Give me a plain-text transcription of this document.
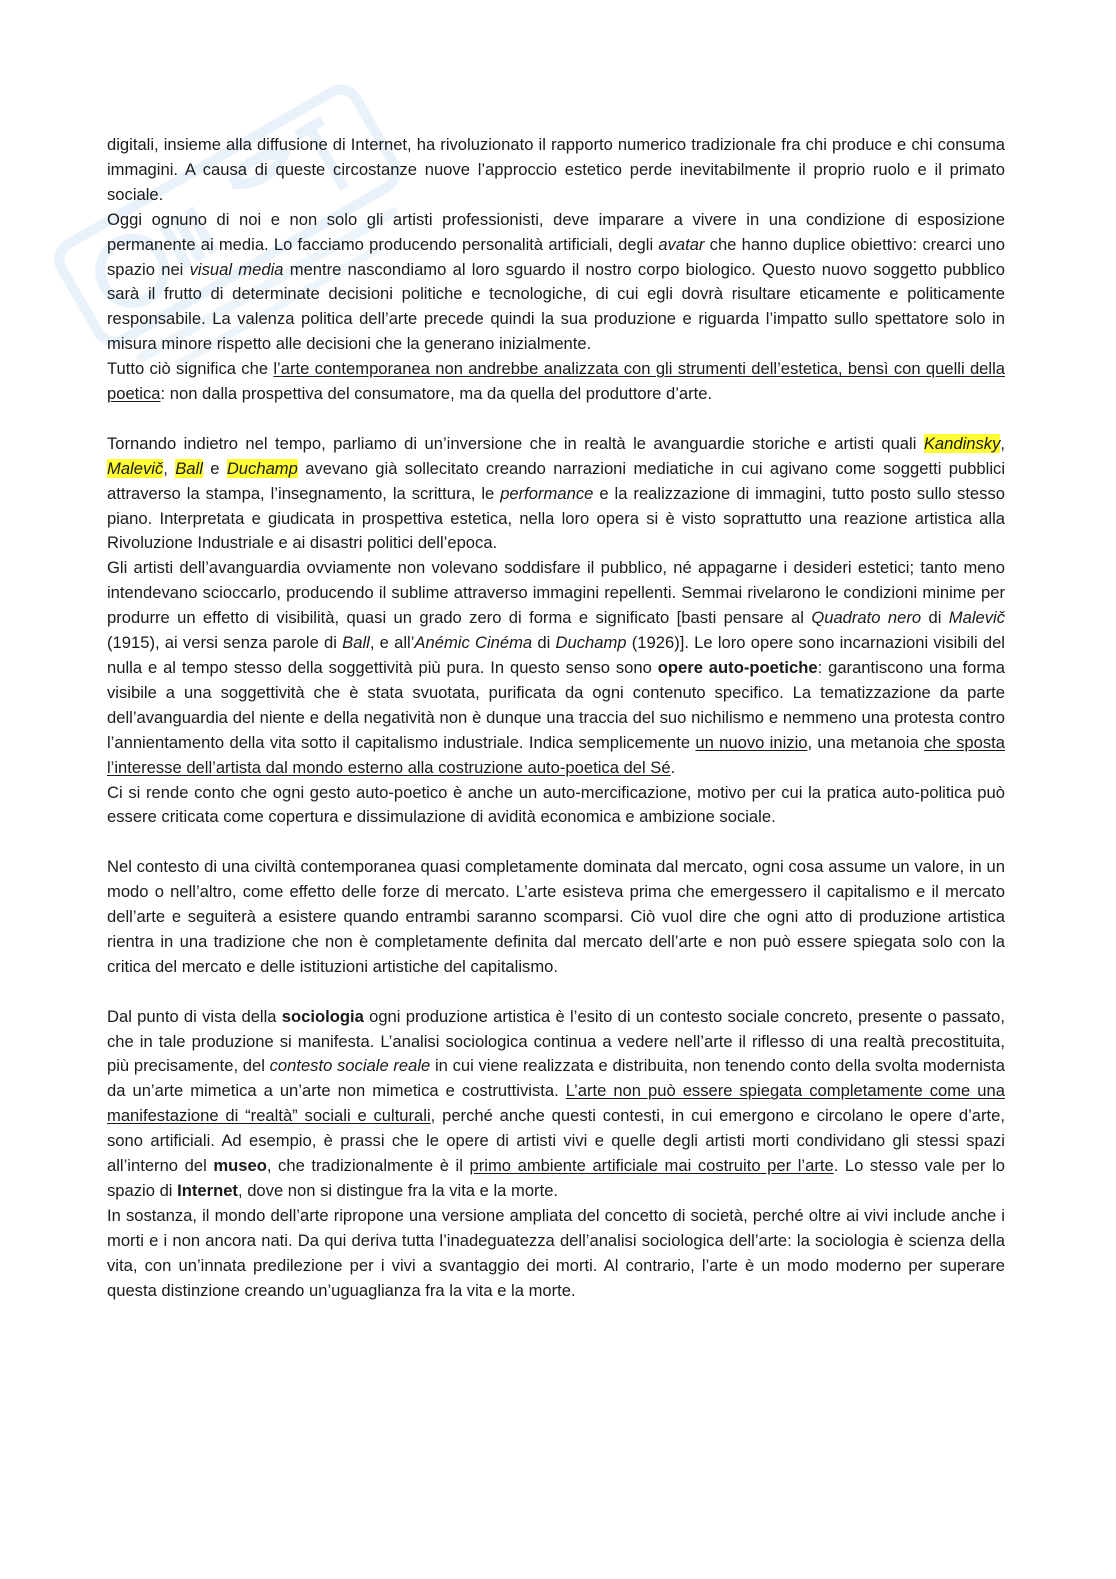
digitali, insieme alla diffusione di Internet, ha rivoluzionato il rapporto numerico tradizionale fra chi produce e chi consuma immagini. A causa di queste circostanze nuove l’approccio estetico perde inevitabilmente il proprio ruolo e il primato sociale.

Oggi ognuno di noi e non solo gli artisti professionisti, deve imparare a vivere in una condizione di esposizione permanente ai media. Lo facciamo producendo personalità artificiali, degli avatar che hanno duplice obiettivo: crearci uno spazio nei visual media mentre nascondiamo al loro sguardo il nostro corpo biologico. Questo nuovo soggetto pubblico sarà il frutto di determinate decisioni politiche e tecnologiche, di cui egli dovrà risultare eticamente e politicamente responsabile. La valenza politica dell’arte precede quindi la sua produzione e riguarda l’impatto sullo spettatore solo in misura minore rispetto alle decisioni che la generano inizialmente.

Tutto ciò significa che l’arte contemporanea non andrebbe analizzata con gli strumenti dell’estetica, bensì con quelli della poetica: non dalla prospettiva del consumatore, ma da quella del produttore d’arte.

Tornando indietro nel tempo, parliamo di un’inversione che in realtà le avanguardie storiche e artisti quali Kandinsky, Malevič, Ball e Duchamp avevano già sollecitato creando narrazioni mediatiche in cui agivano come soggetti pubblici attraverso la stampa, l’insegnamento, la scrittura, le performance e la realizzazione di immagini, tutto posto sullo stesso piano. Interpretata e giudicata in prospettiva estetica, nella loro opera si è visto soprattutto una reazione artistica alla Rivoluzione Industriale e ai disastri politici dell’epoca.

Gli artisti dell’avanguardia ovviamente non volevano soddisfare il pubblico, né appagarne i desideri estetici; tanto meno intendevano scioccarlo, producendo il sublime attraverso immagini repellenti. Semmai rivelarono le condizioni minime per produrre un effetto di visibilità, quasi un grado zero di forma e significato [basti pensare al Quadrato nero di Malevič (1915), ai versi senza parole di Ball, e all’Anémic Cinéma di Duchamp (1926)]. Le loro opere sono incarnazioni visibili del nulla e al tempo stesso della soggettività più pura. In questo senso sono opere auto-poetiche: garantiscono una forma visibile a una soggettività che è stata svuotata, purificata da ogni contenuto specifico. La tematizzazione da parte dell’avanguardia del niente e della negatività non è dunque una traccia del suo nichilismo e nemmeno una protesta contro l’annientamento della vita sotto il capitalismo industriale. Indica semplicemente un nuovo inizio, una metanoia che sposta l’interesse dell’artista dal mondo esterno alla costruzione auto-poetica del Sé.

Ci si rende conto che ogni gesto auto-poetico è anche un auto-mercificazione, motivo per cui la pratica auto-politica può essere criticata come copertura e dissimulazione di avidità economica e ambizione sociale.

Nel contesto di una civiltà contemporanea quasi completamente dominata dal mercato, ogni cosa assume un valore, in un modo o nell’altro, come effetto delle forze di mercato. L’arte esisteva prima che emergessero il capitalismo e il mercato dell’arte e seguiterà a esistere quando entrambi saranno scomparsi. Ciò vuol dire che ogni atto di produzione artistica rientra in una tradizione che non è completamente definita dal mercato dell’arte e non può essere spiegata solo con la critica del mercato e delle istituzioni artistiche del capitalismo.

Dal punto di vista della sociologia ogni produzione artistica è l’esito di un contesto sociale concreto, presente o passato, che in tale produzione si manifesta. L’analisi sociologica continua a vedere nell’arte il riflesso di una realtà precostituita, più precisamente, del contesto sociale reale in cui viene realizzata e distribuita, non tenendo conto della svolta modernista da un’arte mimetica a un’arte non mimetica e costruttivista. L’arte non può essere spiegata completamente come una manifestazione di “realtà” sociali e culturali, perché anche questi contesti, in cui emergono e circolano le opere d’arte, sono artificiali. Ad esempio, è prassi che le opere di artisti vivi e quelle degli artisti morti condividano gli stessi spazi all’interno del museo, che tradizionalmente è il primo ambiente artificiale mai costruito per l’arte. Lo stesso vale per lo spazio di Internet, dove non si distingue fra la vita e la morte.

In sostanza, il mondo dell’arte ripropone una versione ampliata del concetto di società, perché oltre ai vivi include anche i morti e i non ancora nati. Da qui deriva tutta l’inadeguatezza dell’analisi sociologica dell’arte: la sociologia è scienza della vita, con un’innata predilezione per i vivi a svantaggio dei morti. Al contrario, l’arte è un modo moderno per superare questa distinzione creando un’uguaglianza fra la vita e la morte.
